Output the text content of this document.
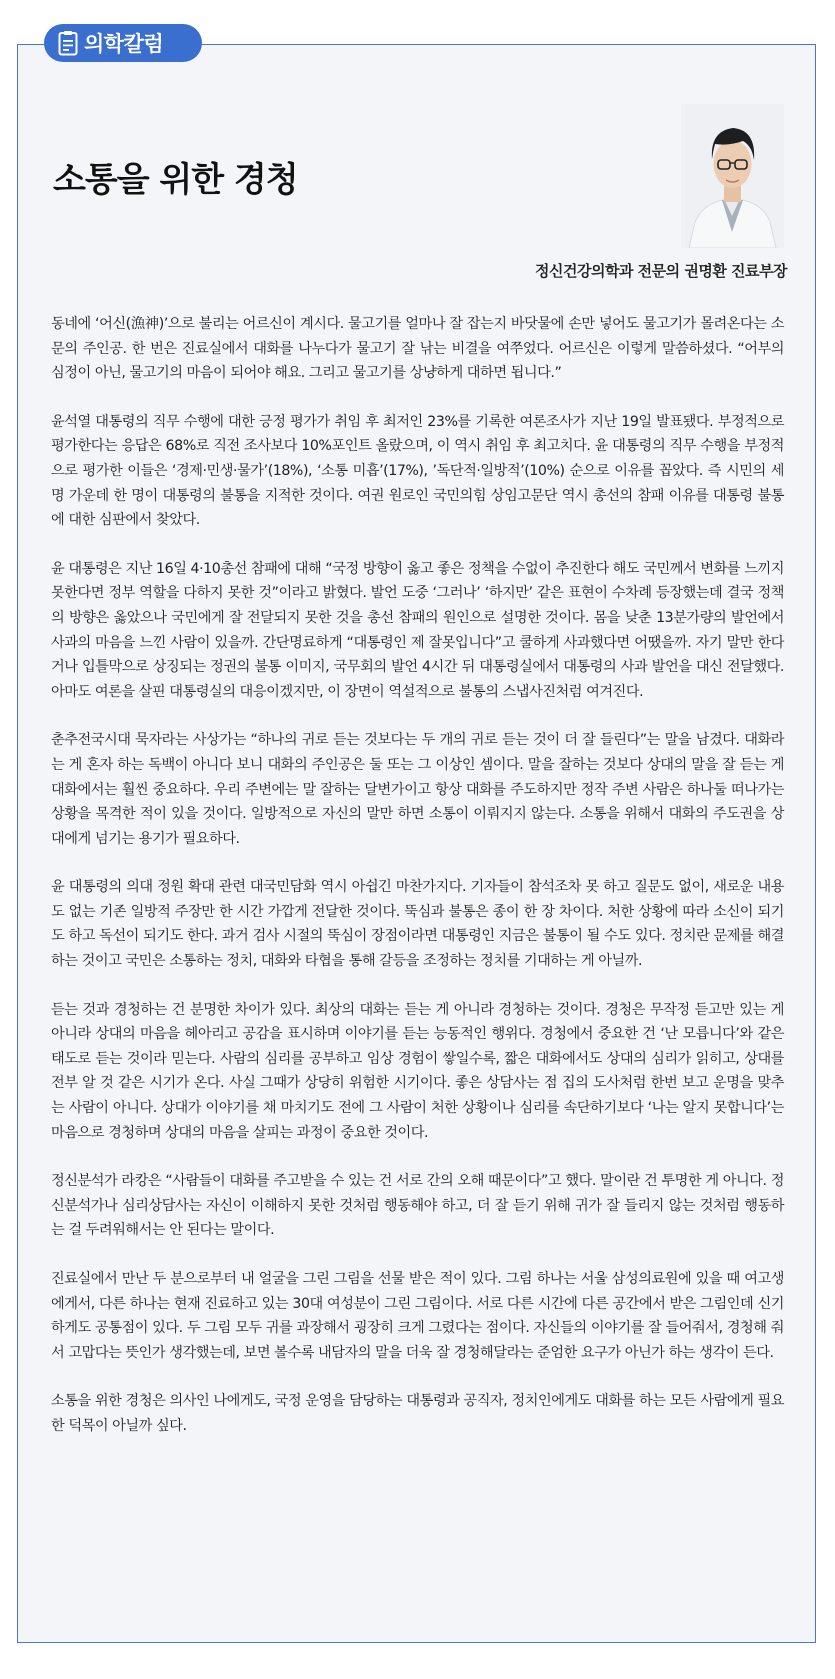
의학칼럼
소통을 위한 경청
정신건강의학과 전문의 권명환 진료부장

동네에 ‘어신(漁神)’으로 불리는 어르신이 계시다. 물고기를 얼마나 잘 잡는지 바닷물에 손만 넣어도 물고기가 몰려온다는 소문의 주인공. 한 번은 진료실에서 대화를 나누다가 물고기 잘 낚는 비결을 여쭈었다. 어르신은 이렇게 말씀하셨다. “어부의 심정이 아닌, 물고기의 마음이 되어야 해요. 그리고 물고기를 상냥하게 대하면 됩니다.”

윤석열 대통령의 직무 수행에 대한 긍정 평가가 취임 후 최저인 23%를 기록한 여론조사가 지난 19일 발표됐다. 부정적으로 평가한다는 응답은 68%로 직전 조사보다 10%포인트 올랐으며, 이 역시 취임 후 최고치다. 윤 대통령의 직무 수행을 부정적으로 평가한 이들은 ‘경제·민생·물가’(18%), ‘소통 미흡’(17%), ’독단적·일방적’(10%) 순으로 이유를 꼽았다. 즉 시민의 세 명 가운데 한 명이 대통령의 불통을 지적한 것이다. 여권 원로인 국민의힘 상임고문단 역시 총선의 참패 이유를 대통령 불통에 대한 심판에서 찾았다.

윤 대통령은 지난 16일 4·10총선 참패에 대해 “국정 방향이 옳고 좋은 정책을 수없이 추진한다 해도 국민께서 변화를 느끼지 못한다면 정부 역할을 다하지 못한 것”이라고 밝혔다. 발언 도중 ‘그러나’ ‘하지만’ 같은 표현이 수차례 등장했는데 결국 정책의 방향은 옳았으나 국민에게 잘 전달되지 못한 것을 총선 참패의 원인으로 설명한 것이다. 몸을 낮춘 13분가량의 발언에서 사과의 마음을 느낀 사람이 있을까. 간단명료하게 “대통령인 제 잘못입니다”고 쿨하게 사과했다면 어땠을까. 자기 말만 한다거나 입틀막으로 상징되는 정권의 불통 이미지, 국무회의 발언 4시간 뒤 대통령실에서 대통령의 사과 발언을 대신 전달했다. 아마도 여론을 살핀 대통령실의 대응이겠지만, 이 장면이 역설적으로 불통의 스냅사진처럼 여겨진다.

춘추전국시대 묵자라는 사상가는 “하나의 귀로 듣는 것보다는 두 개의 귀로 듣는 것이 더 잘 들린다”는 말을 남겼다. 대화라는 게 혼자 하는 독백이 아니다 보니 대화의 주인공은 둘 또는 그 이상인 셈이다. 말을 잘하는 것보다 상대의 말을 잘 듣는 게 대화에서는 훨씬 중요하다. 우리 주변에는 말 잘하는 달변가이고 항상 대화를 주도하지만 정작 주변 사람은 하나둘 떠나가는 상황을 목격한 적이 있을 것이다. 일방적으로 자신의 말만 하면 소통이 이뤄지지 않는다. 소통을 위해서 대화의 주도권을 상대에게 넘기는 용기가 필요하다.

윤 대통령의 의대 정원 확대 관련 대국민담화 역시 아쉽긴 마찬가지다. 기자들이 참석조차 못 하고 질문도 없이, 새로운 내용도 없는 기존 일방적 주장만 한 시간 가깝게 전달한 것이다. 뚝심과 불통은 종이 한 장 차이다. 처한 상황에 따라 소신이 되기도 하고 독선이 되기도 한다. 과거 검사 시절의 뚝심이 장점이라면 대통령인 지금은 불통이 될 수도 있다. 정치란 문제를 해결하는 것이고 국민은 소통하는 정치, 대화와 타협을 통해 갈등을 조정하는 정치를 기대하는 게 아닐까.

듣는 것과 경청하는 건 분명한 차이가 있다. 최상의 대화는 듣는 게 아니라 경청하는 것이다. 경청은 무작정 듣고만 있는 게 아니라 상대의 마음을 헤아리고 공감을 표시하며 이야기를 듣는 능동적인 행위다. 경청에서 중요한 건 ‘난 모릅니다’와 같은 태도로 듣는 것이라 믿는다. 사람의 심리를 공부하고 임상 경험이 쌓일수록, 짧은 대화에서도 상대의 심리가 읽히고, 상대를 전부 알 것 같은 시기가 온다. 사실 그때가 상당히 위험한 시기이다. 좋은 상담사는 점 집의 도사처럼 한번 보고 운명을 맞추는 사람이 아니다. 상대가 이야기를 채 마치기도 전에 그 사람이 처한 상황이나 심리를 속단하기보다 ‘나는 알지 못합니다’는 마음으로 경청하며 상대의 마음을 살피는 과정이 중요한 것이다.

정신분석가 라캉은 “사람들이 대화를 주고받을 수 있는 건 서로 간의 오해 때문이다”고 했다. 말이란 건 투명한 게 아니다. 정신분석가나 심리상담사는 자신이 이해하지 못한 것처럼 행동해야 하고, 더 잘 듣기 위해 귀가 잘 들리지 않는 것처럼 행동하는 걸 두려워해서는 안 된다는 말이다.

진료실에서 만난 두 분으로부터 내 얼굴을 그린 그림을 선물 받은 적이 있다. 그림 하나는 서울 삼성의료원에 있을 때 여고생에게서, 다른 하나는 현재 진료하고 있는 30대 여성분이 그린 그림이다. 서로 다른 시간에 다른 공간에서 받은 그림인데 신기하게도 공통점이 있다. 두 그림 모두 귀를 과장해서 굉장히 크게 그렸다는 점이다. 자신들의 이야기를 잘 들어줘서, 경청해 줘서 고맙다는 뜻인가 생각했는데, 보면 볼수록 내담자의 말을 더욱 잘 경청해달라는 준엄한 요구가 아닌가 하는 생각이 든다.

소통을 위한 경청은 의사인 나에게도, 국정 운영을 담당하는 대통령과 공직자, 정치인에게도 대화를 하는 모든 사람에게 필요한 덕목이 아닐까 싶다.
